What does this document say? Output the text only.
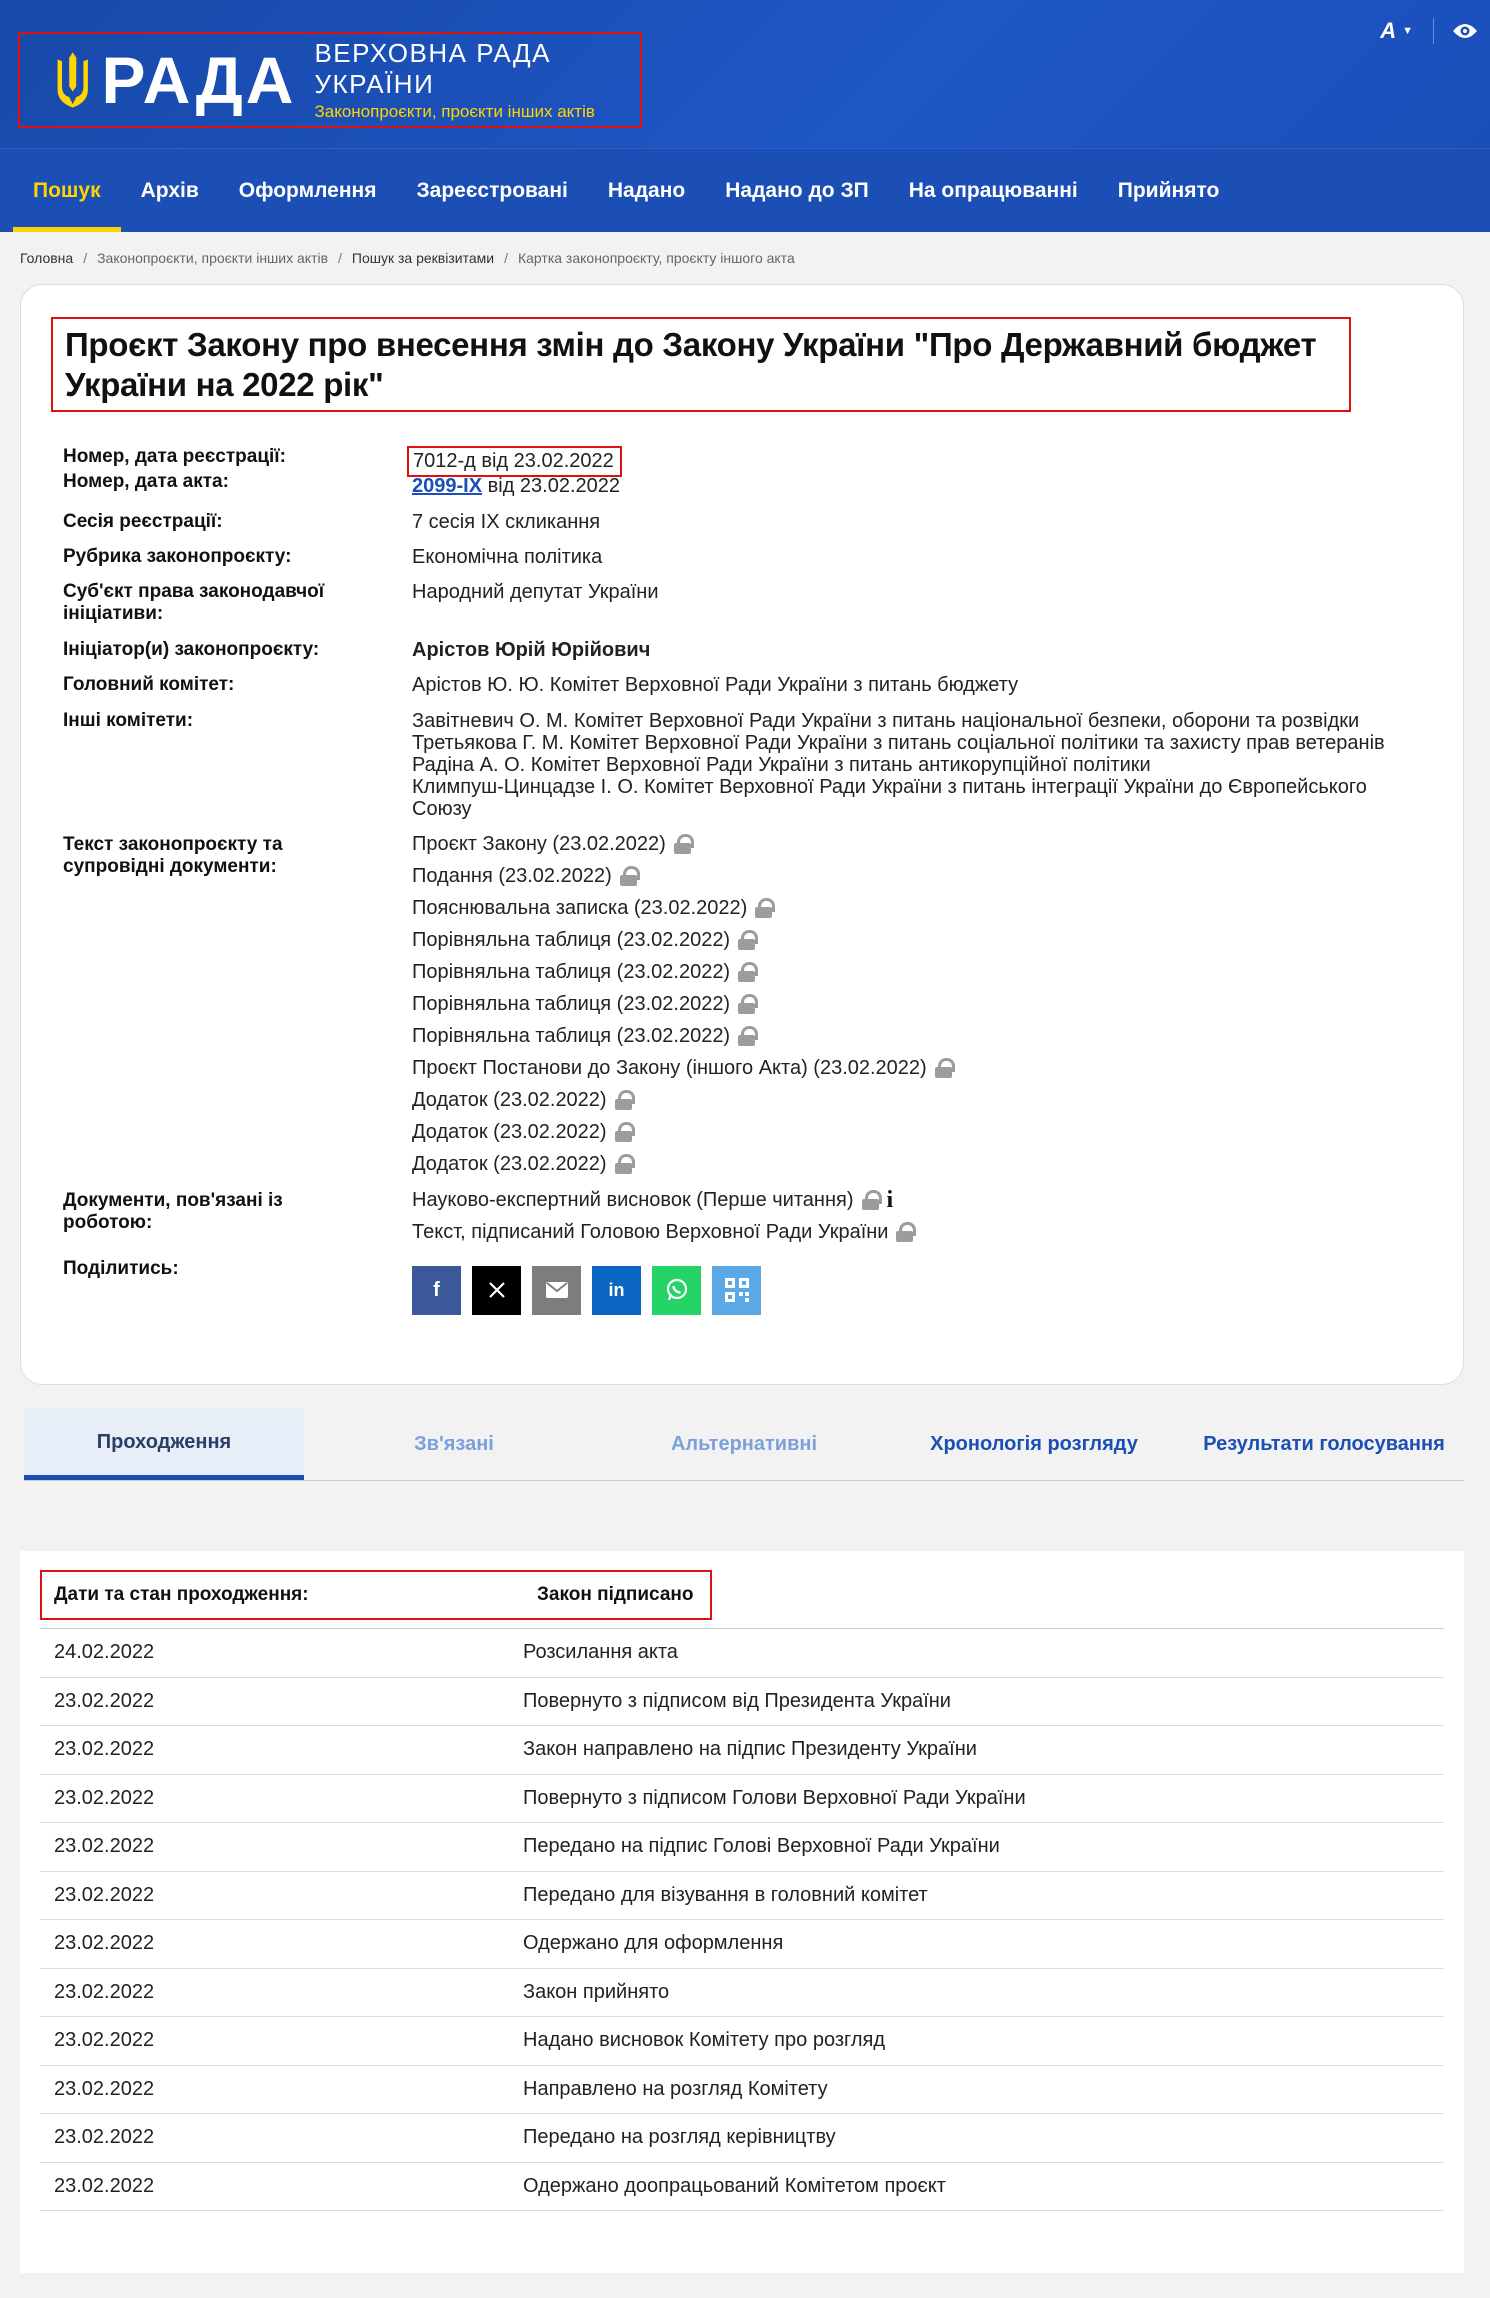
РАДА ВЕРХОВНА РАДА УКРАЇНИ
Законопроєкти, проєкти інших актів
A ▼
Пошук	Архів	Оформлення	Зареєстровані	Надано	Надано до ЗП	На опрацюванні	Прийнято
Головна / Законопроєкти, проєкти інших актів / Пошук за реквізитами / Картка законопроєкту, проєкту іншого акта
Проєкт Закону про внесення змін до Закону України "Про Державний бюджет України на 2022 рік"
Номер, дата реєстрації:	7012-д від 23.02.2022
Номер, дата акта:	2099-IX від 23.02.2022
Сесія реєстрації:	7 сесія IX скликання
Рубрика законопроєкту:	Економічна політика
Суб'єкт права законодавчої ініціативи:
Народний депутат України
Ініціатор(и) законопроєкту:	Арістов Юрій Юрійович
Головний комітет:	Арістов Ю. Ю. Комітет Верховної Ради України з питань бюджету
Інші комітети:	Завітневич О. М. Комітет Верховної Ради України з питань національної безпеки, оборони та розвідки
Третьякова Г. М. Комітет Верховної Ради України з питань соціальної політики та захисту прав ветеранів
Радіна А. О. Комітет Верховної Ради України з питань антикорупційної політики
Климпуш-Цинцадзе І. О. Комітет Верховної Ради України з питань інтеграції України до Європейського Союзу
Текст законопроєкту та супровідні документи:
Проєкт Закону (23.02.2022)
Подання (23.02.2022)
Пояснювальна записка (23.02.2022)
Порівняльна таблиця (23.02.2022)
Порівняльна таблиця (23.02.2022)
Порівняльна таблиця (23.02.2022)
Порівняльна таблиця (23.02.2022)
Проєкт Постанови до Закону (іншого Акта) (23.02.2022)
Додаток (23.02.2022)
Додаток (23.02.2022)
Додаток (23.02.2022)
Документи, пов'язані із роботою:
Науково-експертний висновок (Перше читання) i
Текст, підписаний Головою Верховної Ради України
Поділитись:
f	in
Проходження	Зв'язані	Альтернативні	Хронологія розгляду	Результати голосування
Дати та стан проходження:	Закон підписано
24.02.2022	Розсилання акта
23.02.2022	Повернуто з підписом від Президента України
23.02.2022	Закон направлено на підпис Президенту України
23.02.2022	Повернуто з підписом Голови Верховної Ради України
23.02.2022	Передано на підпис Голові Верховної Ради України
23.02.2022	Передано для візування в головний комітет
23.02.2022	Одержано для оформлення
23.02.2022	Закон прийнято
23.02.2022	Надано висновок Комітету про розгляд
23.02.2022	Направлено на розгляд Комітету
23.02.2022	Передано на розгляд керівництву
23.02.2022	Одержано доопрацьований Комітетом проєкт
